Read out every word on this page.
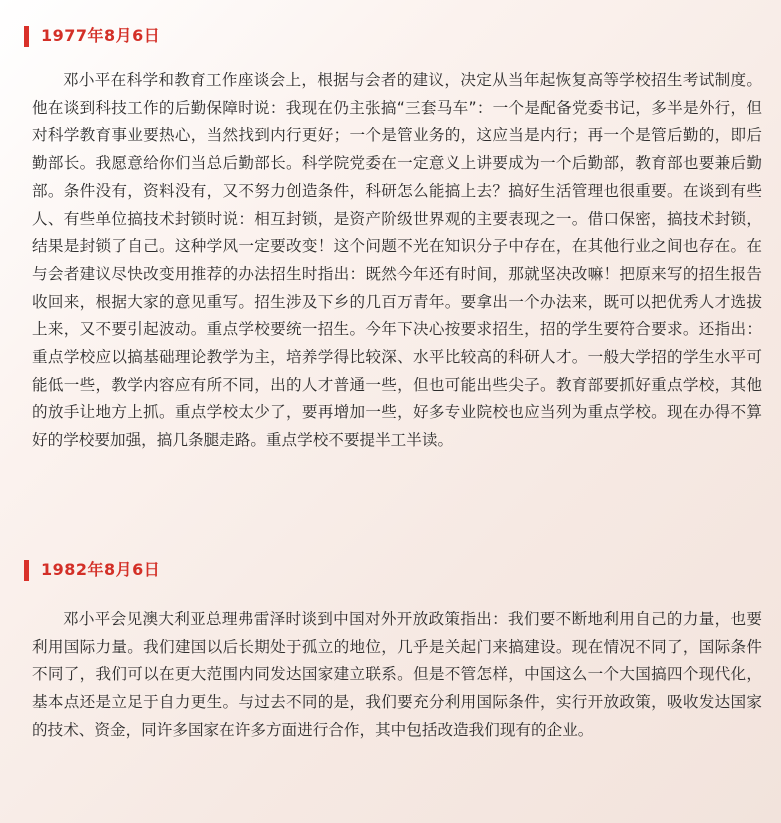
1977年8月6日

邓小平在科学和教育工作座谈会上，根据与会者的建议，决定从当年起恢复高等学校招生考试制度。他在谈到科技工作的后勤保障时说：我现在仍主张搞“三套马车”：一个是配备党委书记，多半是外行，但对科学教育事业要热心，当然找到内行更好；一个是管业务的，这应当是内行；再一个是管后勤的，即后勤部长。我愿意给你们当总后勤部长。科学院党委在一定意义上讲要成为一个后勤部，教育部也要兼后勤部。条件没有，资料没有，又不努力创造条件，科研怎么能搞上去？搞好生活管理也很重要。在谈到有些人、有些单位搞技术封锁时说：相互封锁，是资产阶级世界观的主要表现之一。借口保密，搞技术封锁，结果是封锁了自己。这种学风一定要改变！这个问题不光在知识分子中存在，在其他行业之间也存在。在与会者建议尽快改变用推荐的办法招生时指出：既然今年还有时间，那就坚决改嘛！把原来写的招生报告收回来，根据大家的意见重写。招生涉及下乡的几百万青年。要拿出一个办法来，既可以把优秀人才选拔上来，又不要引起波动。重点学校要统一招生。今年下决心按要求招生，招的学生要符合要求。还指出：重点学校应以搞基础理论教学为主，培养学得比较深、水平比较高的科研人才。一般大学招的学生水平可能低一些，教学内容应有所不同，出的人才普通一些，但也可能出些尖子。教育部要抓好重点学校，其他的放手让地方上抓。重点学校太少了，要再增加一些，好多专业院校也应当列为重点学校。现在办得不算好的学校要加强，搞几条腿走路。重点学校不要提半工半读。

1982年8月6日

邓小平会见澳大利亚总理弗雷泽时谈到中国对外开放政策指出：我们要不断地利用自己的力量，也要利用国际力量。我们建国以后长期处于孤立的地位，几乎是关起门来搞建设。现在情况不同了，国际条件不同了，我们可以在更大范围内同发达国家建立联系。但是不管怎样，中国这么一个大国搞四个现代化，基本点还是立足于自力更生。与过去不同的是，我们要充分利用国际条件，实行开放政策，吸收发达国家的技术、资金，同许多国家在许多方面进行合作，其中包括改造我们现有的企业。
